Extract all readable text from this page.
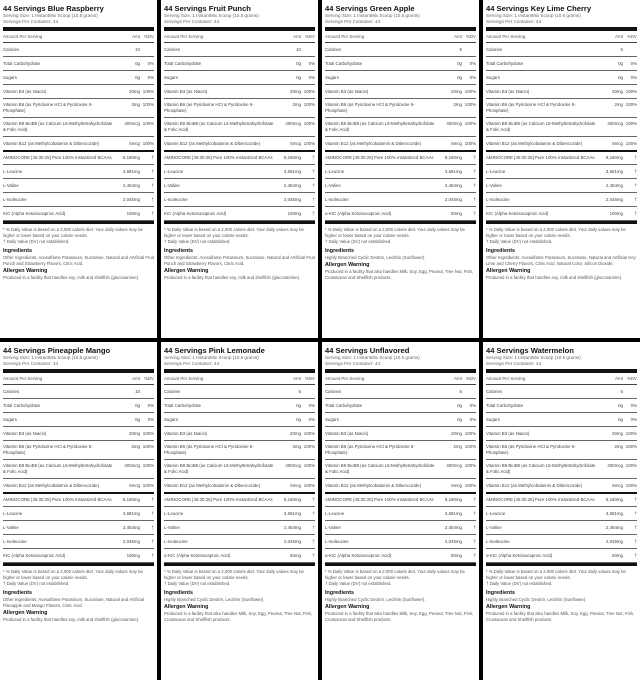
44 Servings Blue Raspberry
Serving Size: 1 InstantMix Scoop (10.5 grams)
Servings Per Container: 44
Amount Per Serving	Amt %DV
Calories	10
Total Carbohydrate	0g	0%
Sugars	0g	0%
Vitamin B3 (as Niacin)	20mg 100%
Vitamin B6 (as Pyridoxine HCl & Pyridoxine 5-Phosphate)
2mg 100%
Vitamin B9 BioB9 (as Calcium L5-Methyltetrahydrofolate & Folic Acid)
400mcg 100%
Vitamin B12 (as Methylcobalamin & Dibencozide)	6mcg 100%
AMINOCORE [45:30:25] Pure 100% Instantized BCAAs	8,180mg	†
L-Leucine	3,681mg	†
L-Valine	2,454mg	†
L-Isoleucine	2,045mg	†
KIC (Alpha Ketoisocaproic Acid)	100mg	†
* % Daily Value is based on a 2,000 calorie diet. Your daily values may be higher or lower based on your calorie needs.
† Daily Value (DV) not established.
Ingredients
Other Ingredients: Acesulfame Potassium, Sucralose, Natural and Artificial Fruit Punch and Strawberry Flavors, Citric Acid.
Allergen Warning
Produced in a facility that handles soy, milk and shellfish (glucosamine).
44 Servings Fruit Punch
Serving Size: 1 InstantMix Scoop (10.5 grams)
Servings Per Container: 44
Amount Per Serving	Amt %DV
Calories	10
Total Carbohydrate	0g	0%
Sugars	0g	0%
Vitamin B3 (as Niacin)	20mg 100%
Vitamin B6 (as Pyridoxine HCl & Pyridoxine 5-Phosphate)
2mg 100%
Vitamin B9 BioB9 (as Calcium L5-Methyltetrahydrofolate & Folic Acid)
400mcg 100%
Vitamin B12 (as Methylcobalamin & Dibencozide)	6mcg 100%
AMINOCORE [45:30:25] Pure 100% Instantized BCAAs	8,180mg	†
L-Leucine	3,681mg	†
L-Valine	2,454mg	†
L-Isoleucine	2,045mg	†
KIC (Alpha Ketoisocaproic Acid)	100mg	†
* % Daily Value is based on a 2,000 calorie diet. Your daily values may be higher or lower based on your calorie needs.
† Daily Value (DV) not established.
Ingredients
Other Ingredients: Acesulfame Potassium, Sucralose, Natural and Artificial Fruit Punch and Strawberry Flavors, Citric Acid.
Allergen Warning
Produced in a facility that handles soy, milk and shellfish (glucosamine).
44 Servings Green Apple
Serving Size: 1 InstantMix Scoop (10.5 grams)
Servings Per Container: 44
Amount Per Serving	Amt %DV
Calories	5
Total Carbohydrate	0g	0%
Sugars	0g	0%
Vitamin B3 (as Niacin)	20mg 100%
Vitamin B6 (as Pyridoxine HCl & Pyridoxine 5-Phosphate)
2mg 100%
Vitamin B9 BioB9 (as Calcium L5-Methyltetrahydrofolate & Folic Acid)
400mcg 100%
Vitamin B12 (as Methylcobalamin & Dibencozide)	6mcg 100%
AMINOCORE [45:30:25] Pure 100% Instantized BCAAs	8,180mg	†
L-Leucine	3,681mg	†
L-Valine	2,454mg	†
L-Isoleucine	2,045mg	†
α-KIC (Alpha Ketoisocaproic Acid)	50mg	†
* % Daily Value is based on a 2,000 calorie diet. Your daily values may be higher or lower based on your calorie needs.
† Daily Value (DV) not established.
Ingredients
Highly Branched Cyclic Dextrin, Lecithin (Sunflower).
Allergen Warning
Produced in a facility that also handles Milk, Soy, Egg, Peanut, Tree Nut, Fish, Crustacean and Shellfish products.
44 Servings Key Lime Cherry
Serving Size: 1 InstantMix Scoop (10.5 grams)
Servings Per Container: 44
Amount Per Serving	Amt %DV
Calories	5
Total Carbohydrate	0g	0%
Sugars	0g	0%
Vitamin B3 (as Niacin)	20mg 100%
Vitamin B6 (as Pyridoxine HCl & Pyridoxine 5-Phosphate)
2mg 100%
Vitamin B9 BioB9 (as Calcium L5-Methyltetrahydrofolate & Folic Acid)
400mcg 100%
Vitamin B12 (as Methylcobalamin & Dibencozide)	6mcg 100%
AMINOCORE [45:30:25] Pure 100% Instantized BCAAs	8,180mg	†
L-Leucine	3,681mg	†
L-Valine	2,454mg	†
L-Isoleucine	2,045mg	†
KIC (Alpha Ketoisocaproic Acid)	100mg	†
* % Daily Value is based on a 2,000 calorie diet. Your daily values may be higher or lower based on your calorie needs.
† Daily Value (DV) not established.
Ingredients
Other Ingredients: Acesulfame Potassium, Sucralose, Natural and Artificial Key Lime and Cherry Flavors, Citric Acid, Natural Color, Silicon Dioxide.
Allergen Warning
Produced in a facility that handles soy, milk and shellfish (glucosamine).
44 Servings Pineapple Mango
Serving Size: 1 InstantMix Scoop (10.5 grams)
Servings Per Container: 44
Amount Per Serving	Amt %DV
Calories	10
Total Carbohydrate	0g	0%
Sugars	0g	0%
Vitamin B3 (as Niacin)	20mg 100%
Vitamin B6 (as Pyridoxine HCl & Pyridoxine 5-Phosphate)
2mg 100%
Vitamin B9 BioB9 (as Calcium L5-Methyltetrahydrofolate & Folic Acid)
400mcg 100%
Vitamin B12 (as Methylcobalamin & Dibencozide)	6mcg 100%
AMINOCORE [45:30:25] Pure 100% Instantized BCAAs	8,180mg	†
L-Leucine	3,681mg	†
L-Valine	2,454mg	†
L-Isoleucine	2,045mg	†
KIC (Alpha Ketoisocaproic Acid)	100mg	†
* % Daily Value is based on a 2,000 calorie diet. Your daily values may be higher or lower based on your calorie needs.
† Daily Value (DV) not established.
Ingredients
Other Ingredients: Acesulfame Potassium, Sucralose, Natural and Artificial Pineapple and Mango Flavors, Citric Acid.
Allergen Warning
Produced in a facility that handles soy, milk and shellfish (glucosamine).
44 Servings Pink Lemonade
Serving Size: 1 InstantMix Scoop (10.5 grams)
Servings Per Container: 44
Amount Per Serving	Amt %DV
Calories	5
Total Carbohydrate	0g	0%
Sugars	0g	0%
Vitamin B3 (as Niacin)	20mg 100%
Vitamin B6 (as Pyridoxine HCl & Pyridoxine 5-Phosphate)
2mg 100%
Vitamin B9 BioB9 (as Calcium L5-Methyltetrahydrofolate & Folic Acid)
400mcg 100%
Vitamin B12 (as Methylcobalamin & Dibencozide)	6mcg 100%
AMINOCORE [45:30:25] Pure 100% Instantized BCAAs	8,180mg	†
L-Leucine	3,681mg	†
L-Valine	2,454mg	†
L-Isoleucine	2,045mg	†
α-KIC (Alpha Ketoisocaproic Acid)	50mg	†
* % Daily Value is based on a 2,000 calorie diet. Your daily values may be higher or lower based on your calorie needs.
† Daily Value (DV) not established.
Ingredients
Highly Branched Cyclic Dextrin, Lecithin (Sunflower).
Allergen Warning
Produced in a facility that also handles Milk, Soy, Egg, Peanut, Tree Nut, Fish, Crustacean and Shellfish products.
44 Servings Unflavored
Serving Size: 1 InstantMix Scoop (10.5 grams)
Servings Per Container: 44
Amount Per Serving	Amt %DV
Calories	5
Total Carbohydrate	0g	0%
Sugars	0g	0%
Vitamin B3 (as Niacin)	20mg 100%
Vitamin B6 (as Pyridoxine HCl & Pyridoxine 5-Phosphate)
2mg 100%
Vitamin B9 BioB9 (as Calcium L5-Methyltetrahydrofolate & Folic Acid)
400mcg 100%
Vitamin B12 (as Methylcobalamin & Dibencozide)	6mcg 100%
AMINOCORE [45:30:25] Pure 100% Instantized BCAAs	8,180mg	†
L-Leucine	3,681mg	†
L-Valine	2,454mg	†
L-Isoleucine	2,045mg	†
α-KIC (Alpha Ketoisocaproic Acid)	50mg	†
* % Daily Value is based on a 2,000 calorie diet. Your daily values may be higher or lower based on your calorie needs.
† Daily Value (DV) not established.
Ingredients
Highly Branched Cyclic Dextrin, Lecithin (Sunflower).
Allergen Warning
Produced in a facility that also handles Milk, Soy, Egg, Peanut, Tree Nut, Fish, Crustacean and Shellfish products.
44 Servings Watermelon
Serving Size: 1 InstantMix Scoop (10.5 grams)
Servings Per Container: 44
Amount Per Serving	Amt %DV
Calories	5
Total Carbohydrate	0g	0%
Sugars	0g	0%
Vitamin B3 (as Niacin)	20mg 100%
Vitamin B6 (as Pyridoxine HCl & Pyridoxine 5-Phosphate)
2mg 100%
Vitamin B9 BioB9 (as Calcium L5-Methyltetrahydrofolate & Folic Acid)
400mcg 100%
Vitamin B12 (as Methylcobalamin & Dibencozide)	6mcg 100%
AMINOCORE [45:30:25] Pure 100% Instantized BCAAs	8,180mg	†
L-Leucine	3,681mg	†
L-Valine	2,454mg	†
L-Isoleucine	2,045mg	†
α-KIC (Alpha Ketoisocaproic Acid)	50mg	†
* % Daily Value is based on a 2,000 calorie diet. Your daily values may be higher or lower based on your calorie needs.
† Daily Value (DV) not established.
Ingredients
Highly Branched Cyclic Dextrin, Lecithin (Sunflower).
Allergen Warning
Produced in a facility that also handles Milk, Soy, Egg, Peanut, Tree Nut, Fish, Crustacean and Shellfish products.
